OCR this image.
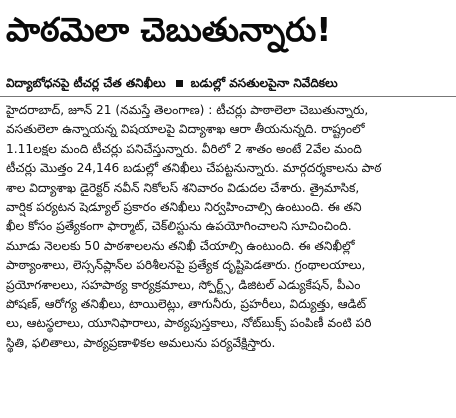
పాఠమెలా చెబుతున్నారు!
విద్యాబోధనపై టీచర్ల చేత తనిఖీలు బడుల్లో వసతులపైనా నివేదికలు
హైదరాబాద్, జూన్ 21 (నమస్తే తెలంగాణ) : టీచర్లు పాఠాలెలా చెబుతున్నారు,
వసతులెలా ఉన్నాయన్న విషయాలపై విద్యాశాఖ ఆరా తీయనున్నది. రాష్ట్రంలో
1.11లక్షల మంది టీచర్లు పనిచేస్తున్నారు. వీరిలో 2 శాతం అంటే 2వేల మంది
టీచర్లు మొత్తం 24,146 బడుల్లో తనిఖీలు చేపట్టనున్నారు. మార్గదర్శకాలను పాఠ
శాల విద్యాశాఖ డైరెక్టర్ నవీన్ నికోలస్ శనివారం విడుదల చేశారు. త్రైమాసిక,
వార్షిక పర్యటన షెడ్యూల్ ప్రకారం తనిఖీలు నిర్వహించాల్సి ఉంటుంది. ఈ తని
ఖీల కోసం ప్రత్యేకంగా ఫార్మాట్, చెక్‌లిస్టును ఉపయోగించాలని సూచించింది.
మూడు నెలలకు 50 పాఠశాలలను తనిఖీ చేయాల్సి ఉంటుంది. ఈ తనిఖీల్లో
పాఠ్యాంశాలు, లెస్సన్‌ప్లాన్‌ల పరిశీలనపై ప్రత్యేక దృష్టిపెడతారు. గ్రంథాలయాలు,
ప్రయోగశాలలు, సహపాఠ్య కార్యక్రమాలు, స్పోర్ట్స్, డిజిటల్ ఎడ్యుకేషన్, పీఎం
పోషణ్, ఆరోగ్య తనిఖీలు, టాయిలెట్లు, తాగునీరు, ప్రహరీలు, విద్యుత్తు, ఆడిట్
లు, ఆటస్థలాలు, యూనిఫారాలు, పాఠ్యపుస్తకాలు, నోట్‌బుక్స్ పంపిణీ వంటి పరి
స్థితి, ఫలితాలు, పాఠ్యప్రణాళికల అమలును పర్యవేక్షిస్తారు.
